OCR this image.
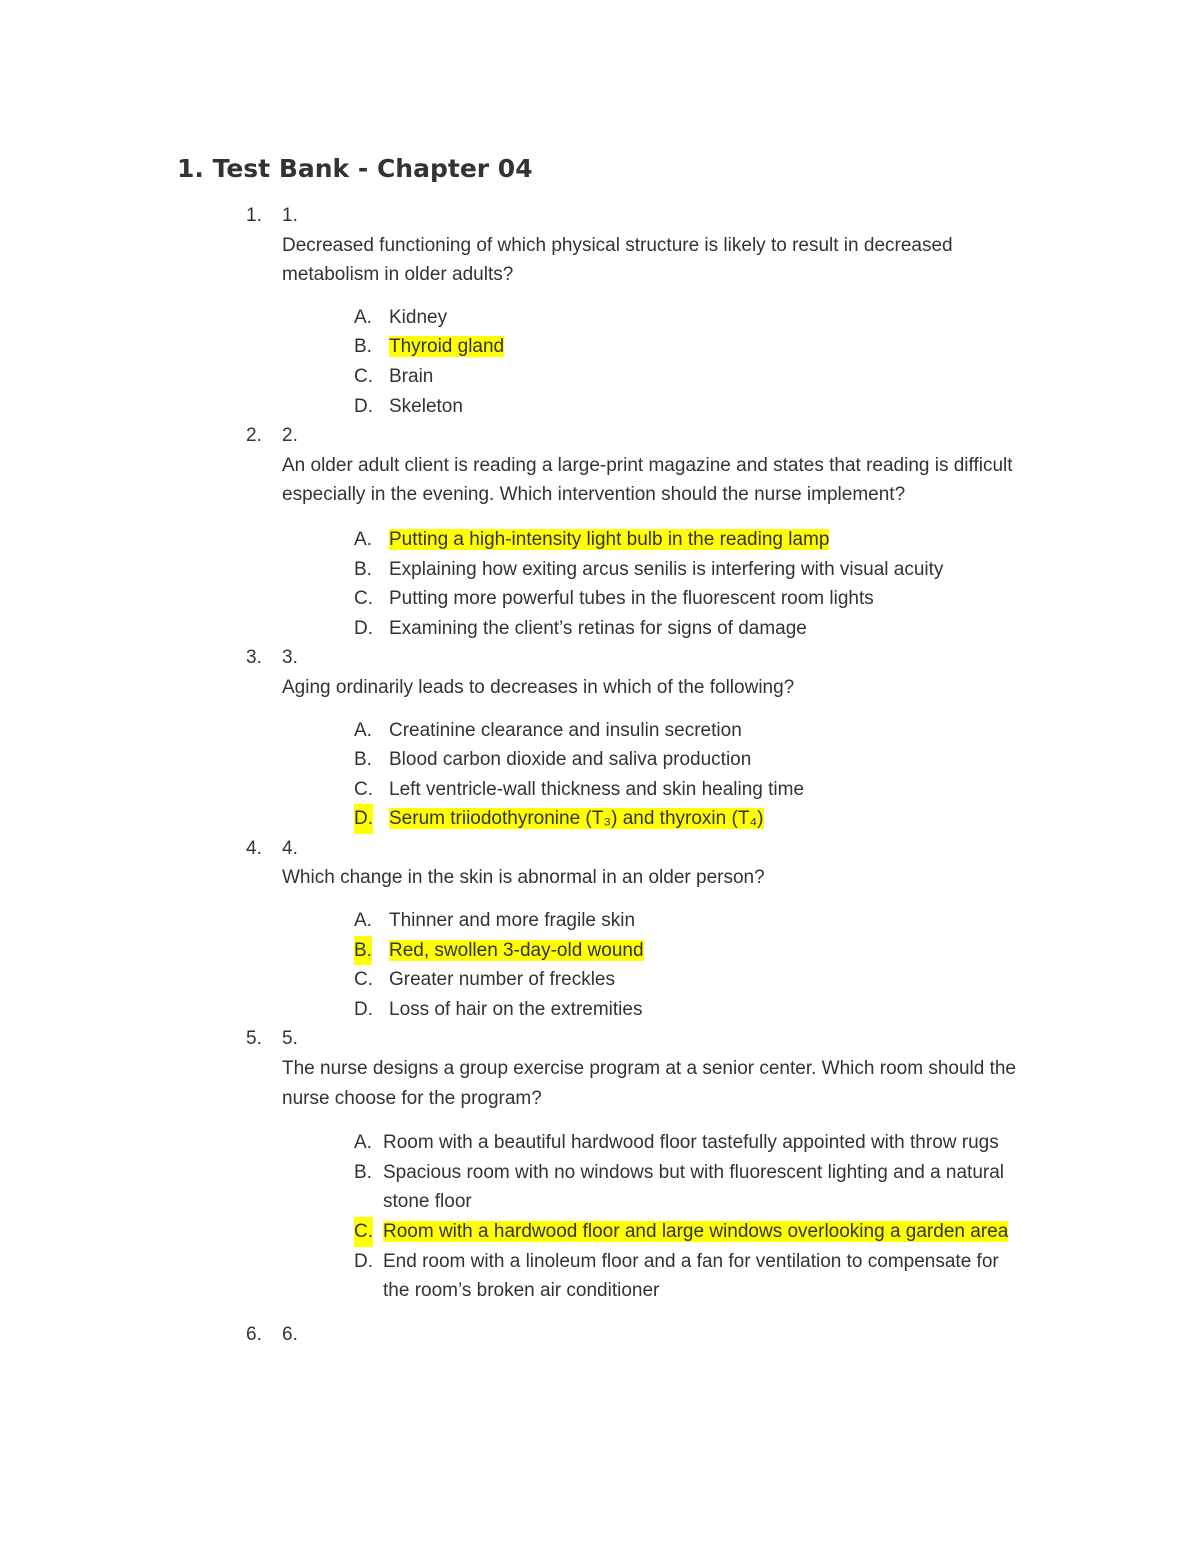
1. Test Bank - Chapter 04
1.	1.
Decreased functioning of which physical structure is likely to result in decreased metabolism in older adults?
A. Kidney
B. Thyroid gland
C. Brain
D. Skeleton
2.	2.
An older adult client is reading a large-print magazine and states that reading is difficult especially in the evening. Which intervention should the nurse implement?
A. Putting a high-intensity light bulb in the reading lamp
B. Explaining how exiting arcus senilis is interfering with visual acuity
C. Putting more powerful tubes in the fluorescent room lights
D. Examining the client’s retinas for signs of damage
3.	3.
Aging ordinarily leads to decreases in which of the following?
A. Creatinine clearance and insulin secretion
B. Blood carbon dioxide and saliva production
C. Left ventricle-wall thickness and skin healing time
D. Serum triiodothyronine (T₃) and thyroxin (T₄)
4.	4.
Which change in the skin is abnormal in an older person?
A. Thinner and more fragile skin
B. Red, swollen 3-day-old wound
C. Greater number of freckles
D. Loss of hair on the extremities
5.	5.
The nurse designs a group exercise program at a senior center. Which room should the nurse choose for the program?
A. Room with a beautiful hardwood floor tastefully appointed with throw rugs
B. Spacious room with no windows but with fluorescent lighting and a natural stone floor
C. Room with a hardwood floor and large windows overlooking a garden area
D. End room with a linoleum floor and a fan for ventilation to compensate for the room’s broken air conditioner
6.	6.
